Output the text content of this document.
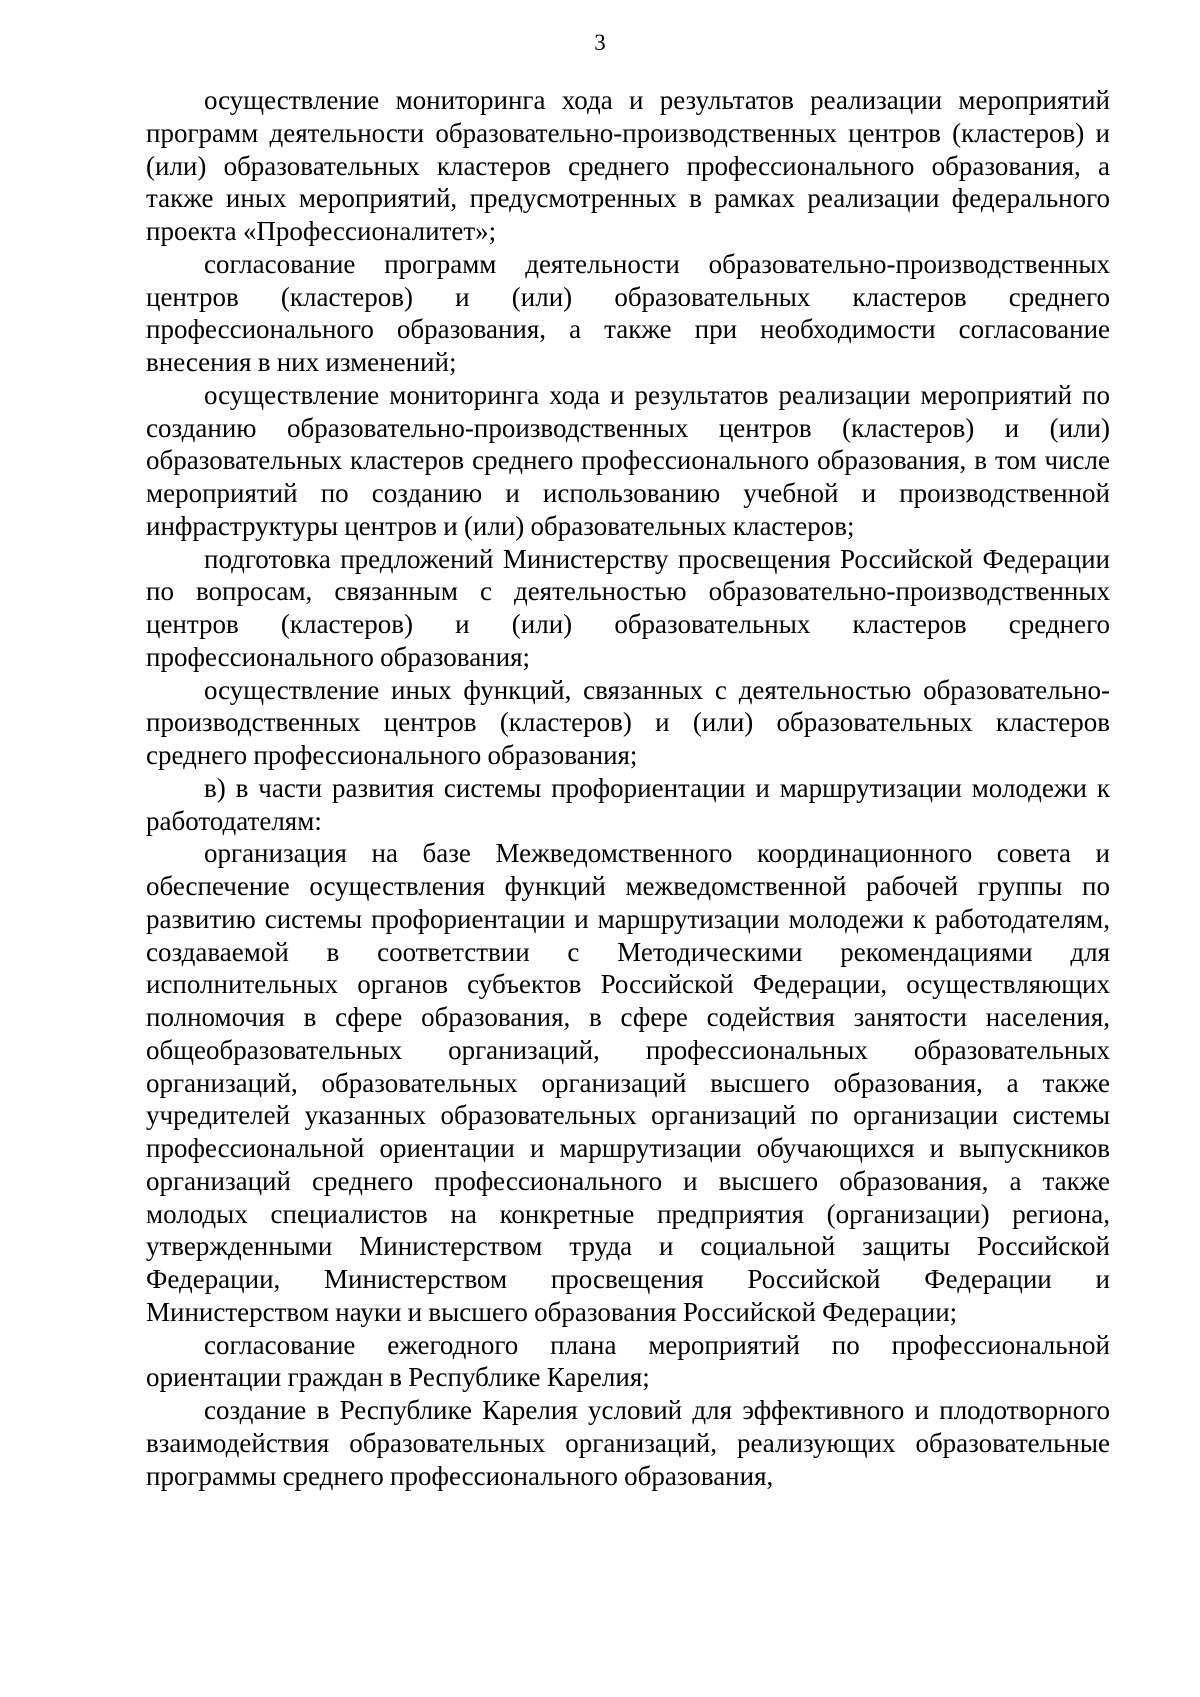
3

осуществление мониторинга хода и результатов реализации мероприятий программ деятельности образовательно-производственных центров (кластеров) и (или) образовательных кластеров среднего профессионального образования, а также иных мероприятий, предусмотренных в рамках реализации федерального проекта «Профессионалитет»;

согласование программ деятельности образовательно-производственных центров (кластеров) и (или) образовательных кластеров среднего профессионального образования, а также при необходимости согласование внесения в них изменений;

осуществление мониторинга хода и результатов реализации мероприятий по созданию образовательно-производственных центров (кластеров) и (или) образовательных кластеров среднего профессионального образования, в том числе мероприятий по созданию и использованию учебной и производственной инфраструктуры центров и (или) образовательных кластеров;

подготовка предложений Министерству просвещения Российской Федерации по вопросам, связанным с деятельностью образовательно-производственных центров (кластеров) и (или) образовательных кластеров среднего профессионального образования;

осуществление иных функций, связанных с деятельностью образовательно-производственных центров (кластеров) и (или) образовательных кластеров среднего профессионального образования;

в) в части развития системы профориентации и маршрутизации молодежи к работодателям:

организация на базе Межведомственного координационного совета и обеспечение осуществления функций межведомственной рабочей группы по развитию системы профориентации и маршрутизации молодежи к работодателям, создаваемой в соответствии с Методическими рекомендациями для исполнительных органов субъектов Российской Федерации, осуществляющих полномочия в сфере образования, в сфере содействия занятости населения, общеобразовательных организаций, профессиональных образовательных организаций, образовательных организаций высшего образования, а также учредителей указанных образовательных организаций по организации системы профессиональной ориентации и маршрутизации обучающихся и выпускников организаций среднего профессионального и высшего образования, а также молодых специалистов на конкретные предприятия (организации) региона, утвержденными Министерством труда и социальной защиты Российской Федерации, Министерством просвещения Российской Федерации и Министерством науки и высшего образования Российской Федерации;

согласование ежегодного плана мероприятий по профессиональной ориентации граждан в Республике Карелия;

создание в Республике Карелия условий для эффективного и плодотворного взаимодействия образовательных организаций, реализующих образовательные программы среднего профессионального образования,
